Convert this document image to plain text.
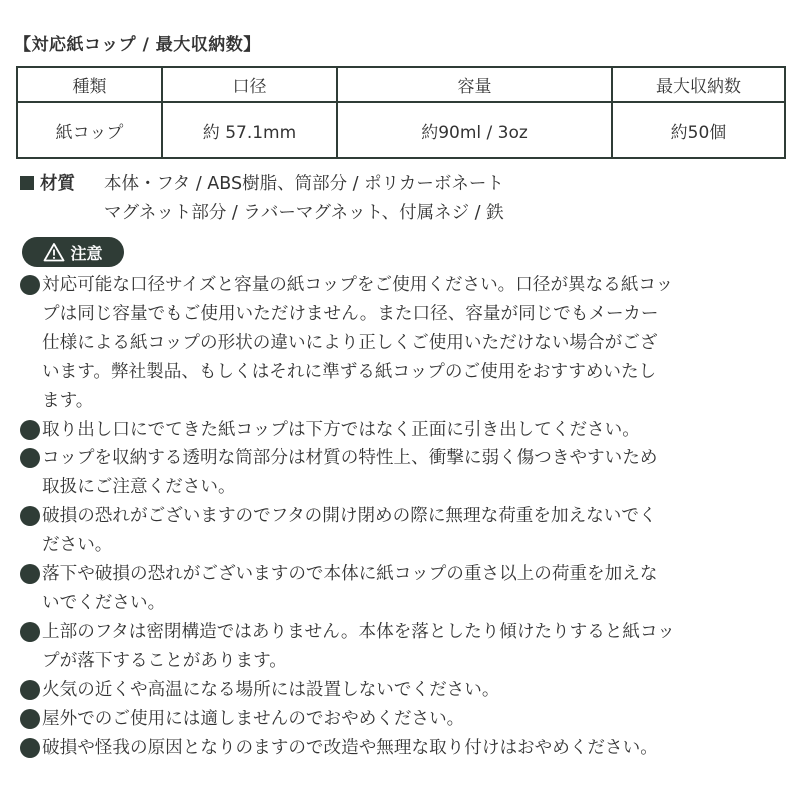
【対応紙コップ / 最大収納数】
種類	口径	容量	最大収納数
紙コップ	約 57.1mm	約90ml / 3oz	約50個
材質	本体・フタ / ABS樹脂、筒部分 / ポリカーボネート
マグネット部分 / ラバーマグネット、付属ネジ / 鉄
注意
対応可能な口径サイズと容量の紙コップをご使用ください。口径が異なる紙コッ
プは同じ容量でもご使用いただけません。また口径、容量が同じでもメーカー
仕様による紙コップの形状の違いにより正しくご使用いただけない場合がござ
います。弊社製品、もしくはそれに準ずる紙コップのご使用をおすすめいたし
ます。
取り出し口にでてきた紙コップは下方ではなく正面に引き出してください。
コップを収納する透明な筒部分は材質の特性上、衝撃に弱く傷つきやすいため
取扱にご注意ください。
破損の恐れがございますのでフタの開け閉めの際に無理な荷重を加えないでく
ださい。
落下や破損の恐れがございますので本体に紙コップの重さ以上の荷重を加えな
いでください。
上部のフタは密閉構造ではありません。本体を落としたり傾けたりすると紙コッ
プが落下することがあります。
火気の近くや高温になる場所には設置しないでください。
屋外でのご使用には適しませんのでおやめください。
破損や怪我の原因となりのますので改造や無理な取り付けはおやめください。
